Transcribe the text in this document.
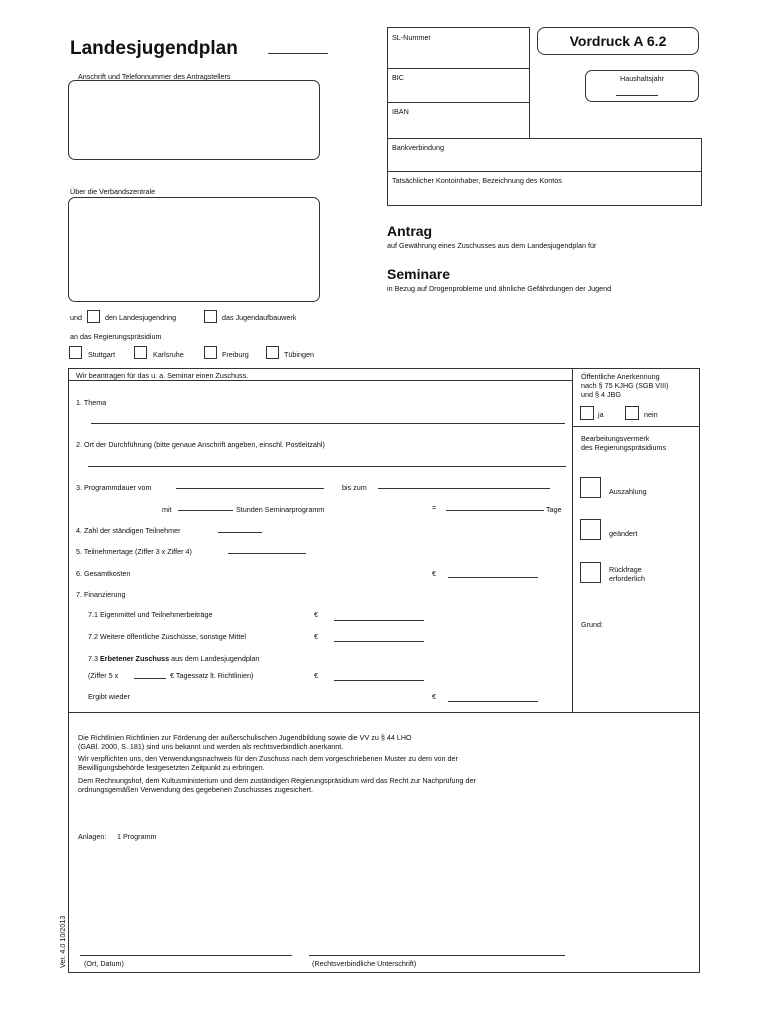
Landesjugendplan
Anschrift und Telefonnummer des Antragstellers
Über die Verbandszentrale
SL-Nummer
BIC
IBAN
Bankverbindung
Tatsächlicher Kontoinhaber, Bezeichnung des Kontos
Vordruck A 6.2
Haushaltsjahr
Antrag
auf Gewährung eines Zuschusses aus dem Landesjugendplan für
Seminare
in Bezug auf Drogenprobleme und ähnliche Gefährdungen der Jugend
und	den Landesjugendring	das Jugendaufbauwerk
an das Regierungspräsidium
Stuttgart	Karlsruhe	Freiburg	Tübingen
Wir beantragen für das u. a. Seminar einen Zuschuss.
1. Thema
2. Ort der Durchführung (bitte genaue Anschrift angeben, einschl. Postleitzahl)
3. Programmdauer vom	bis zum
mit	Stunden Seminarprogramm	=	Tage
4. Zahl der ständigen Teilnehmer
5. Teilnehmertage (Ziffer 3 x Ziffer 4)
6. Gesamtkosten	€
7. Finanzierung
7.1 Eigenmittel und Teilnehmerbeiträge	€
7.2 Weitere öffentliche Zuschüsse, sonstige Mittel	€
7.3 Erbetener Zuschuss aus dem Landesjugendplan
(Ziffer 5 x	€ Tagessatz lt. Richtlinien)	€
Ergibt wieder	€
Öffentliche Anerkennung
nach § 75 KJHG (SGB VIII)
und § 4 JBG
ja	nein
Bearbeitungsvermerk
des Regierungspräsidiums
Auszahlung
geändert
Rückfrage
erforderlich
Grund:
Die Richtlinien Richtlinien zur Förderung der außerschulischen Jugendbildung sowie die VV zu § 44 LHO
(GABl. 2000, S. 181) sind uns bekannt und werden als rechtsverbindlich anerkannt.
Wir verpflichten uns, den Verwendungsnachweis für den Zuschuss nach dem vorgeschriebenen Muster zu dem von der
Bewilligungsbehörde festgesetzten Zeitpunkt zu erbringen.
Dem Rechnungshof, dem Kultusministerium und dem zuständigen Regierungspräsidium wird das Recht zur Nachprüfung der
ordnungsgemäßen Verwendung des gegebenen Zuschusses zugesichert.
Anlagen: 1 Programm
(Ort, Datum)	(Rechtsverbindliche Unterschrift)
Ver. 4.0 10/2013
